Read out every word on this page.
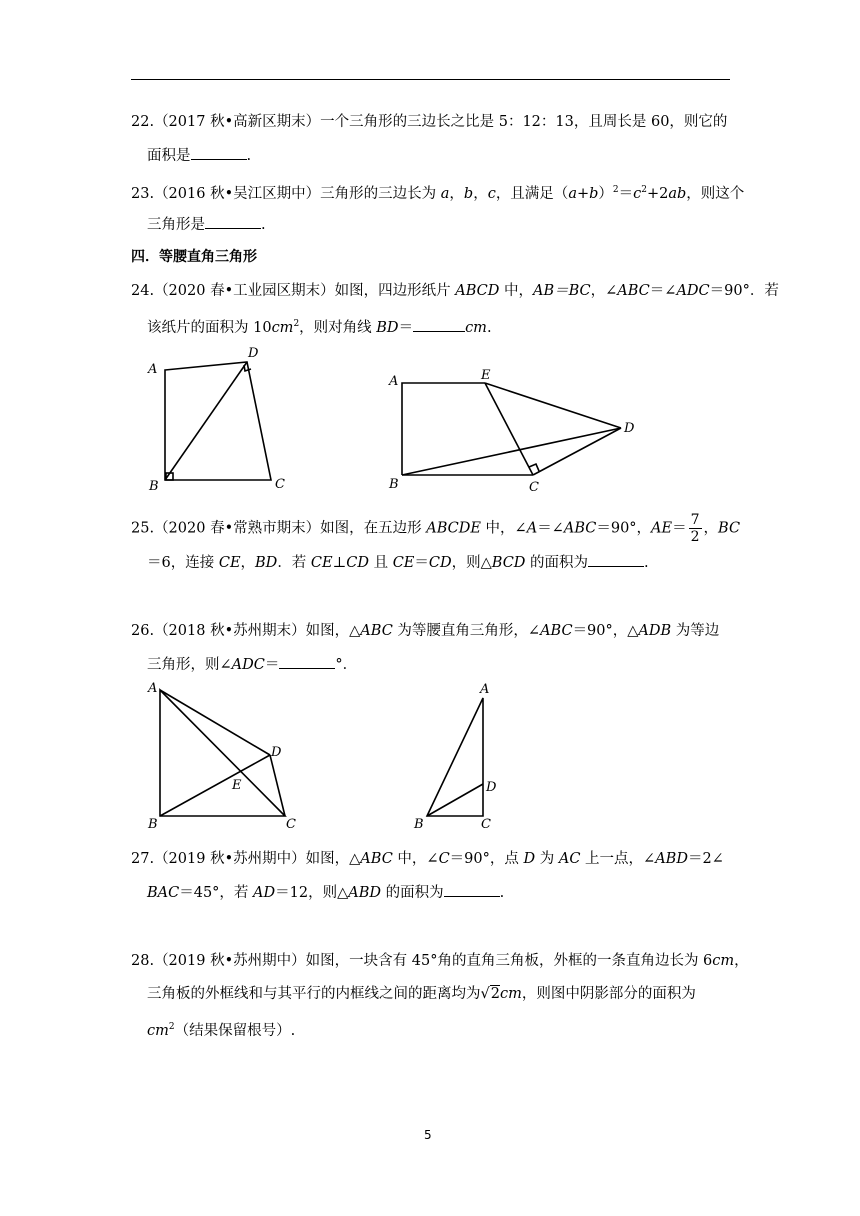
22.（2017 秋•高新区期末）一个三角形的三边长之比是 5：12：13，且周长是 60，则它的
面积是	.
23.（2016 秋•吴江区期中）三角形的三边长为 a，b，c，且满足$(a+b)^2=c^2+2ab$，则这个
三角形是	.
四．等腰直角三角形
24.（2020 春•工业园区期末）如图，四边形纸片 ABCD 中，AB＝BC，∠ABC＝∠ADC＝90°．若
该纸片的面积为 $10cm^2$，则对角线 BD＝	cm.
A
D
B	C
A	E
D
B	C
25.（2020 春•常熟市期末）如图，在五边形 ABCDE 中，∠A＝∠ABC＝90°，$AE= \frac{7}{2}$ ，BC
＝6，连接 CE，BD．若 CE⊥CD 且 CE＝CD，则△BCD 的面积为	.
26.（2018 秋•苏州期末）如图，△ABC 为等腰直角三角形，∠ABC＝90°，△ADB 为等边
三角形，则∠ADC＝	°．
A
D
E
B	C
A
D
B	C
27.（2019 秋•苏州期中）如图，△ABC 中，∠C＝90°，点 D 为 AC 上一点，∠ABD＝2∠
BAC＝45°，若 AD＝12，则△ABD 的面积为	.
28.（2019 秋•苏州期中）如图，一块含有 45°角的直角三角板，外框的一条直角边长为 6cm，
三角板的外框线和与其平行的内框线之间的距离均为√2cm，则图中阴影部分的面积为
$cm^2$（结果保留根号）.
5
